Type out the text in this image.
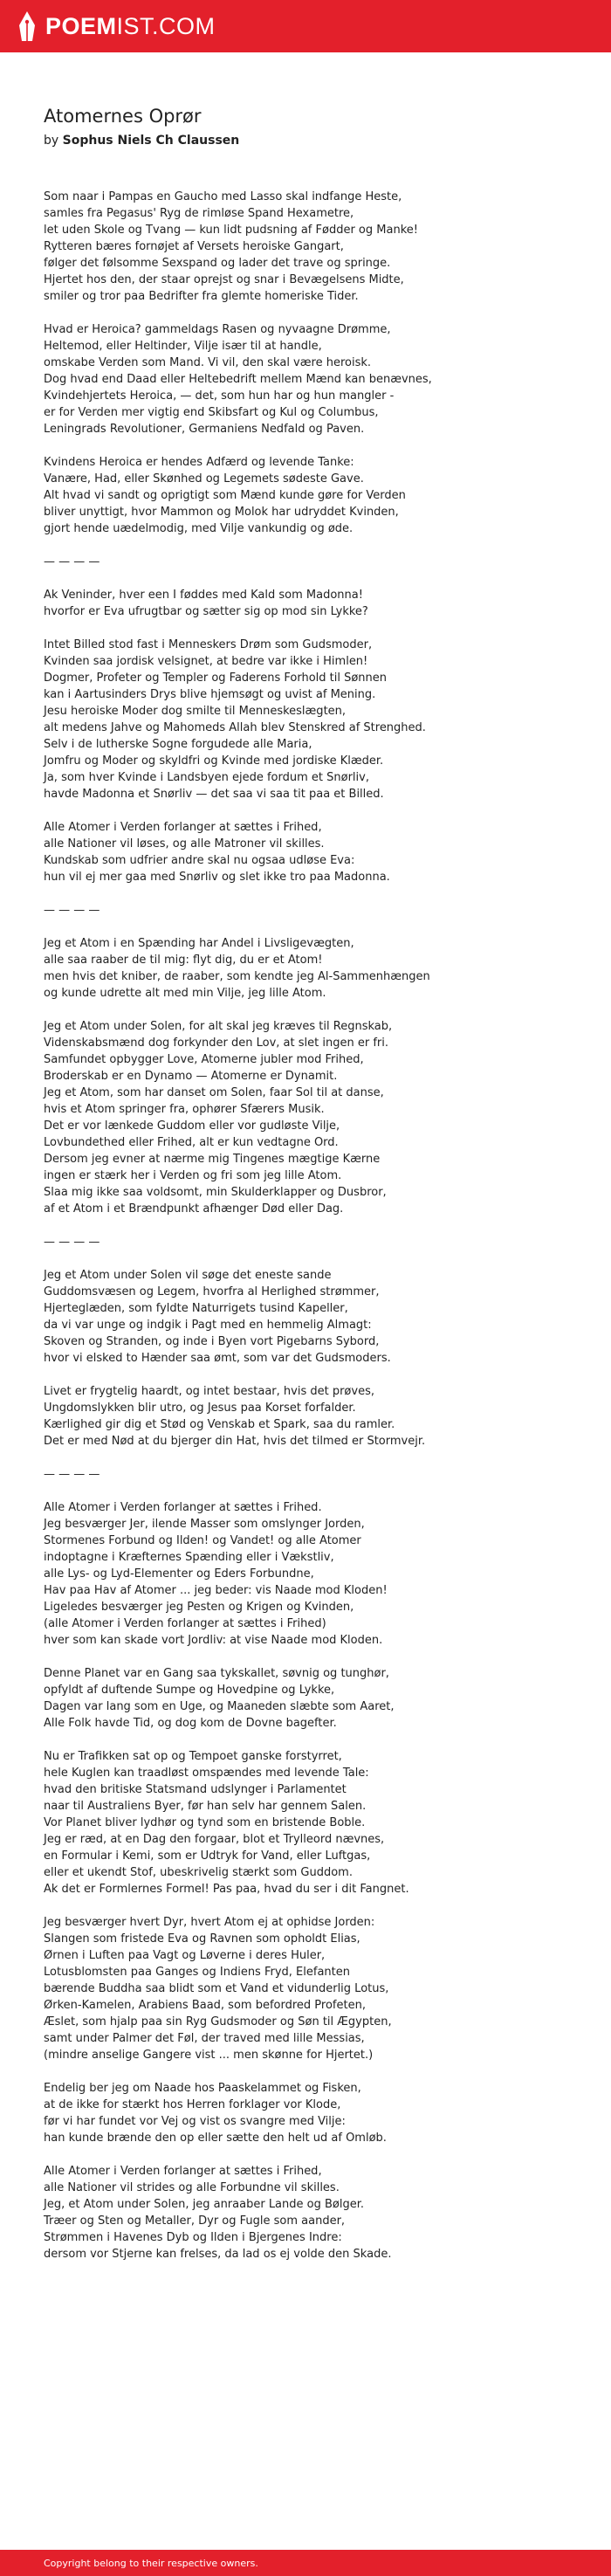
POEMIST.COM
Atomernes Oprør
by Sophus Niels Ch Claussen
Som naar i Pampas en Gaucho med Lasso skal indfange Heste,
samles fra Pegasus' Ryg de rimløse Spand Hexametre,
let uden Skole og Tvang — kun lidt pudsning af Fødder og Manke!
Rytteren bæres fornøjet af Versets heroiske Gangart,
følger det følsomme Sexspand og lader det trave og springe.
Hjertet hos den, der staar oprejst og snar i Bevægelsens Midte,
smiler og tror paa Bedrifter fra glemte homeriske Tider.
Hvad er Heroica? gammeldags Rasen og nyvaagne Drømme,
Heltemod, eller Heltinder, Vilje især til at handle,
omskabe Verden som Mand. Vi vil, den skal være heroisk.
Dog hvad end Daad eller Heltebedrift mellem Mænd kan benævnes,
Kvindehjertets Heroica, — det, som hun har og hun mangler -
er for Verden mer vigtig end Skibsfart og Kul og Columbus,
Leningrads Revolutioner, Germaniens Nedfald og Paven.
Kvindens Heroica er hendes Adfærd og levende Tanke:
Vanære, Had, eller Skønhed og Legemets sødeste Gave.
Alt hvad vi sandt og oprigtigt som Mænd kunde gøre for Verden
bliver unyttigt, hvor Mammon og Molok har udryddet Kvinden,
gjort hende uædelmodig, med Vilje vankundig og øde.
— — — —
Ak Veninder, hver een I føddes med Kald som Madonna!
hvorfor er Eva ufrugtbar og sætter sig op mod sin Lykke?
Intet Billed stod fast i Menneskers Drøm som Gudsmoder,
Kvinden saa jordisk velsignet, at bedre var ikke i Himlen!
Dogmer, Profeter og Templer og Faderens Forhold til Sønnen
kan i Aartusinders Drys blive hjemsøgt og uvist af Mening.
Jesu heroiske Moder dog smilte til Menneskeslægten,
alt medens Jahve og Mahomeds Allah blev Stenskred af Strenghed.
Selv i de lutherske Sogne forgudede alle Maria,
Jomfru og Moder og skyldfri og Kvinde med jordiske Klæder.
Ja, som hver Kvinde i Landsbyen ejede fordum et Snørliv,
havde Madonna et Snørliv — det saa vi saa tit paa et Billed.
Alle Atomer i Verden forlanger at sættes i Frihed,
alle Nationer vil løses, og alle Matroner vil skilles.
Kundskab som udfrier andre skal nu ogsaa udløse Eva:
hun vil ej mer gaa med Snørliv og slet ikke tro paa Madonna.
— — — —
Jeg et Atom i en Spænding har Andel i Livsligevægten,
alle saa raaber de til mig: flyt dig, du er et Atom!
men hvis det kniber, de raaber, som kendte jeg Al-Sammenhængen
og kunde udrette alt med min Vilje, jeg lille Atom.
Jeg et Atom under Solen, for alt skal jeg kræves til Regnskab,
Videnskabsmænd dog forkynder den Lov, at slet ingen er fri.
Samfundet opbygger Love, Atomerne jubler mod Frihed,
Broderskab er en Dynamo — Atomerne er Dynamit.
Jeg et Atom, som har danset om Solen, faar Sol til at danse,
hvis et Atom springer fra, ophører Sfærers Musik.
Det er vor lænkede Guddom eller vor gudløste Vilje,
Lovbundethed eller Frihed, alt er kun vedtagne Ord.
Dersom jeg evner at nærme mig Tingenes mægtige Kærne
ingen er stærk her i Verden og fri som jeg lille Atom.
Slaa mig ikke saa voldsomt, min Skulderklapper og Dusbror,
af et Atom i et Brændpunkt afhænger Død eller Dag.
— — — —
Jeg et Atom under Solen vil søge det eneste sande
Guddomsvæsen og Legem, hvorfra al Herlighed strømmer,
Hjerteglæden, som fyldte Naturrigets tusind Kapeller,
da vi var unge og indgik i Pagt med en hemmelig Almagt:
Skoven og Stranden, og inde i Byen vort Pigebarns Sybord,
hvor vi elsked to Hænder saa ømt, som var det Gudsmoders.
Livet er frygtelig haardt, og intet bestaar, hvis det prøves,
Ungdomslykken blir utro, og Jesus paa Korset forfalder.
Kærlighed gir dig et Stød og Venskab et Spark, saa du ramler.
Det er med Nød at du bjerger din Hat, hvis det tilmed er Stormvejr.
— — — —
Alle Atomer i Verden forlanger at sættes i Frihed.
Jeg besværger Jer, ilende Masser som omslynger Jorden,
Stormenes Forbund og Ilden! og Vandet! og alle Atomer
indoptagne i Kræfternes Spænding eller i Vækstliv,
alle Lys- og Lyd-Elementer og Eders Forbundne,
Hav paa Hav af Atomer ... jeg beder: vis Naade mod Kloden!
Ligeledes besværger jeg Pesten og Krigen og Kvinden,
(alle Atomer i Verden forlanger at sættes i Frihed)
hver som kan skade vort Jordliv: at vise Naade mod Kloden.
Denne Planet var en Gang saa tykskallet, søvnig og tunghør,
opfyldt af duftende Sumpe og Hovedpine og Lykke,
Dagen var lang som en Uge, og Maaneden slæbte som Aaret,
Alle Folk havde Tid, og dog kom de Dovne bagefter.
Nu er Trafikken sat op og Tempoet ganske forstyrret,
hele Kuglen kan traadløst omspændes med levende Tale:
hvad den britiske Statsmand udslynger i Parlamentet
naar til Australiens Byer, før han selv har gennem Salen.
Vor Planet bliver lydhør og tynd som en bristende Boble.
Jeg er ræd, at en Dag den forgaar, blot et Trylleord nævnes,
en Formular i Kemi, som er Udtryk for Vand, eller Luftgas,
eller et ukendt Stof, ubeskrivelig stærkt som Guddom.
Ak det er Formlernes Formel! Pas paa, hvad du ser i dit Fangnet.
Jeg besværger hvert Dyr, hvert Atom ej at ophidse Jorden:
Slangen som fristede Eva og Ravnen som opholdt Elias,
Ørnen i Luften paa Vagt og Løverne i deres Huler,
Lotusblomsten paa Ganges og Indiens Fryd, Elefanten
bærende Buddha saa blidt som et Vand et vidunderlig Lotus,
Ørken-Kamelen, Arabiens Baad, som befordred Profeten,
Æslet, som hjalp paa sin Ryg Gudsmoder og Søn til Ægypten,
samt under Palmer det Føl, der traved med lille Messias,
(mindre anselige Gangere vist ... men skønne for Hjertet.)
Endelig ber jeg om Naade hos Paaskelammet og Fisken,
at de ikke for stærkt hos Herren forklager vor Klode,
før vi har fundet vor Vej og vist os svangre med Vilje:
han kunde brænde den op eller sætte den helt ud af Omløb.
Alle Atomer i Verden forlanger at sættes i Frihed,
alle Nationer vil strides og alle Forbundne vil skilles.
Jeg, et Atom under Solen, jeg anraaber Lande og Bølger.
Træer og Sten og Metaller, Dyr og Fugle som aander,
Strømmen i Havenes Dyb og Ilden i Bjergenes Indre:
dersom vor Stjerne kan frelses, da lad os ej volde den Skade.
Copyright belong to their respective owners.
